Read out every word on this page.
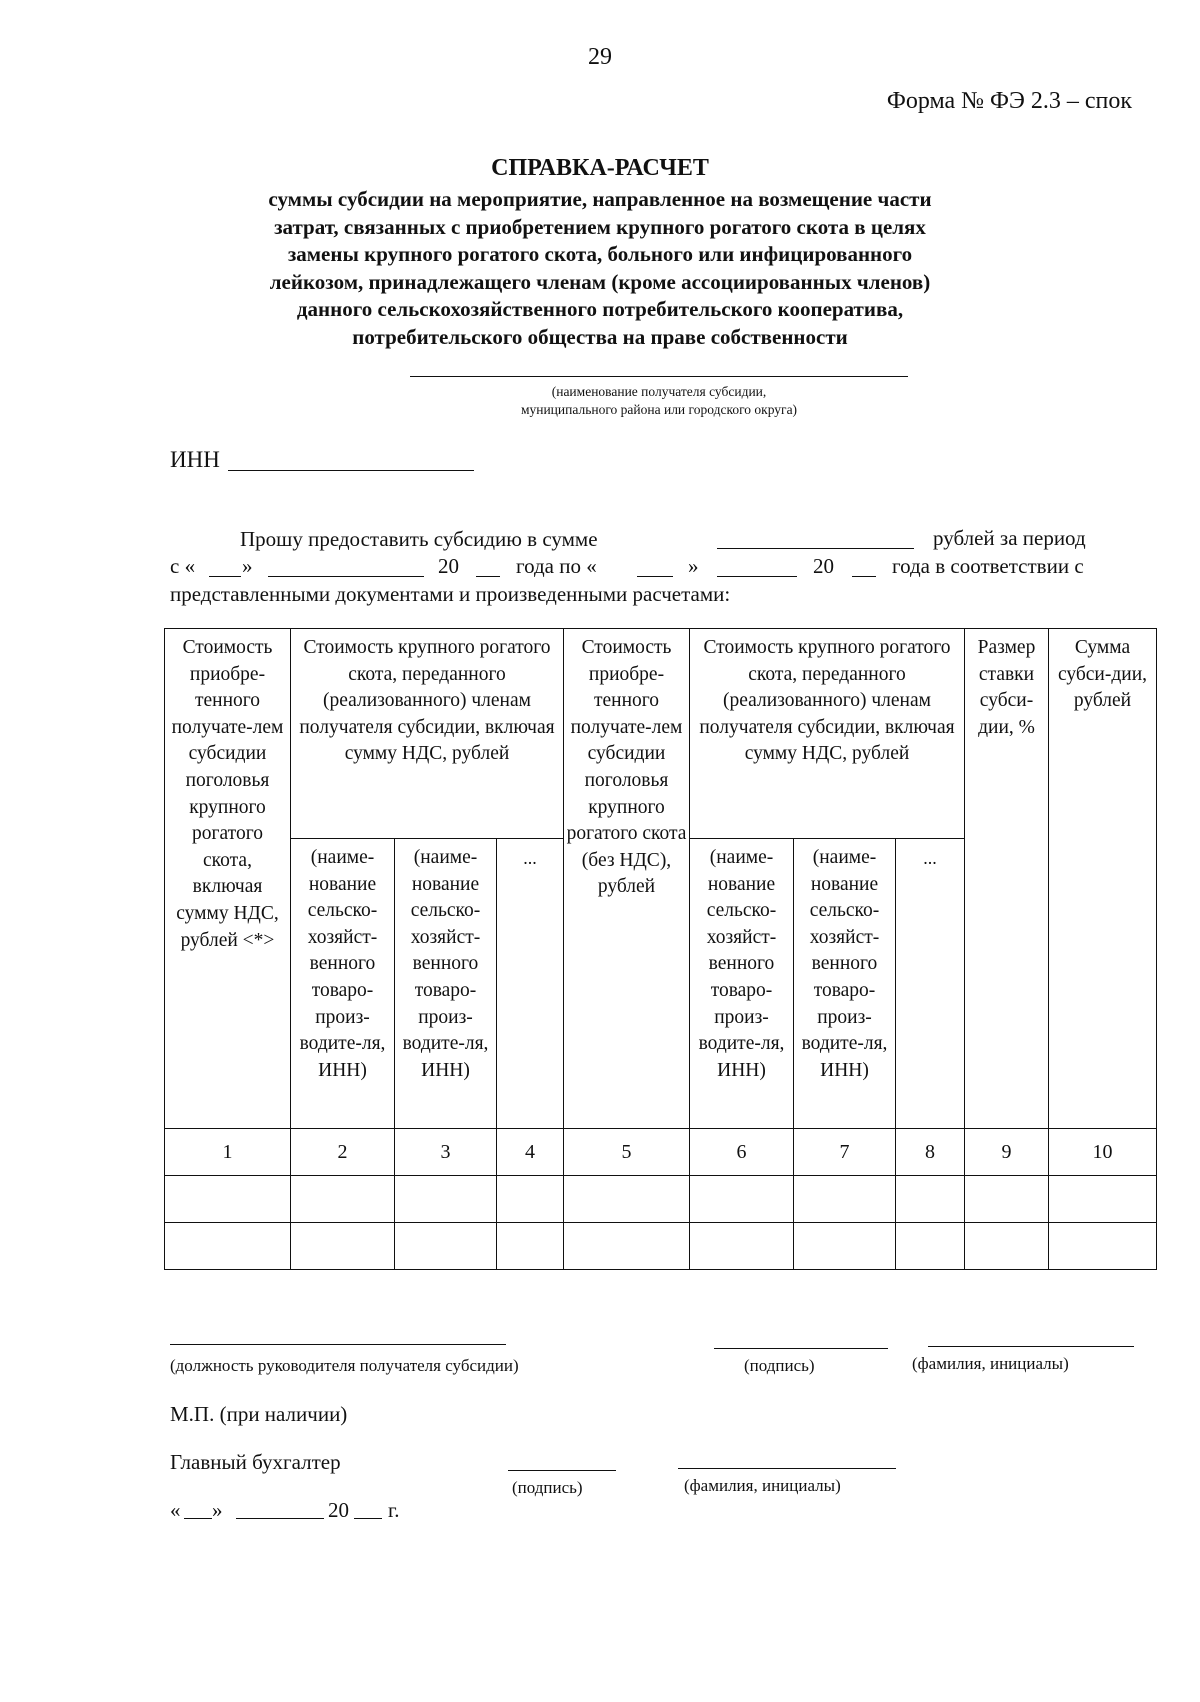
29
Форма № ФЭ 2.3 – спок
СПРАВКА-РАСЧЕТ
суммы субсидии на мероприятие, направленное на возмещение части
затрат, связанных с приобретением крупного рогатого скота в целях
замены крупного рогатого скота, больного или инфицированного
лейкозом, принадлежащего членам (кроме ассоциированных членов)
данного сельскохозяйственного потребительского кооператива,
потребительского общества на праве собственности
(наименование получателя субсидии,
муниципального района или городского округа)
ИНН
Прошу предоставить субсидию в сумме	рублей за период
с « »	20	года по «	»	20	года в соответствии с
представленными документами и произведенными расчетами:
Стоимость приобре-тенного получате-лем субсидии поголовья крупного рогатого скота, включая сумму НДС, рублей <*>	Стоимость крупного рогатого скота, переданного (реализованного) членам получателя субсидии, включая сумму НДС, рублей			Стоимость приобре-тенного получате-лем субсидии поголовья крупного рогатого скота (без НДС), рублей	Стоимость крупного рогатого скота, переданного (реализованного) членам получателя субсидии, включая сумму НДС, рублей			Размер ставки субси-дии, %	Сумма субси-дии, рублей
	(наиме-нование сельско-хозяйст-венного товаро-произ-водите-ля, ИНН)	(наиме-нование сельско-хозяйст-венного товаро-произ-водите-ля, ИНН)	...		(наиме-нование сельско-хозяйст-венного товаро-произ-водите-ля, ИНН)	(наиме-нование сельско-хозяйст-венного товаро-произ-водите-ля, ИНН)	...		
1	2	3	4	5	6	7	8	9	10

(должность руководителя получателя субсидии)	(подпись)	(фамилия, инициалы)
М.П. (при наличии)
Главный бухгалтер
(подпись)	(фамилия, инициалы)
« »	20 г.
